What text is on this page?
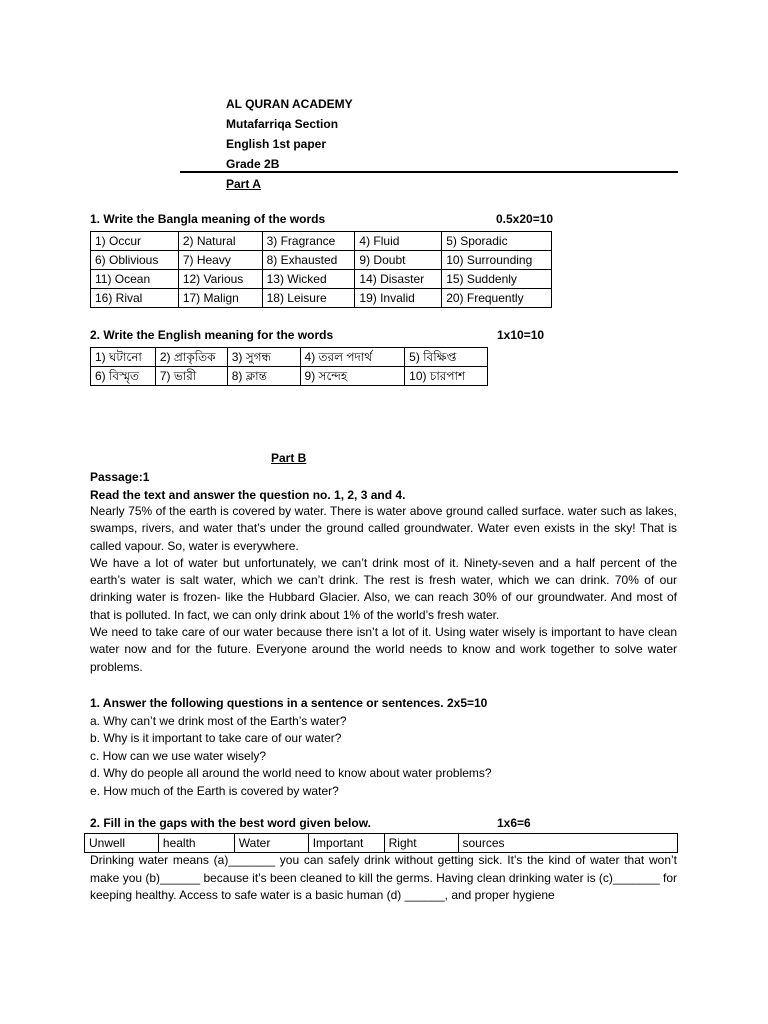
AL QURAN ACADEMY
Mutafarriqa Section
English 1st paper
Grade 2B
Part A
1. Write the Bangla meaning of the words	0.5x20=10
1) Occur	2) Natural	3) Fragrance	4) Fluid	5) Sporadic
6) Oblivious	7) Heavy	8) Exhausted	9) Doubt	10) Surrounding
11) Ocean	12) Various	13) Wicked	14) Disaster	15) Suddenly
16) Rival	17) Malign	18) Leisure	19) Invalid	20) Frequently
2. Write the English meaning for the words	1x10=10
1) ঘটানো	2) প্রাকৃতিক	3) সুগন্ধ	4) তরল পদার্থ	5) বিক্ষিপ্ত
6) বিস্মৃত	7) ভারী	8) ক্লান্ত	9) সন্দেহ	10) চারপাশ
Part B
Passage:1
Read the text and answer the question no. 1, 2, 3 and 4.

Nearly 75% of the earth is covered by water. There is water above ground called surface. water such as lakes, swamps, rivers, and water that’s under the ground called groundwater. Water even exists in the sky! That is called vapour. So, water is everywhere.

We have a lot of water but unfortunately, we can’t drink most of it. Ninety-seven and a half percent of the earth’s water is salt water, which we can’t drink. The rest is fresh water, which we can drink. 70% of our drinking water is frozen- like the Hubbard Glacier. Also, we can reach 30% of our groundwater. And most of that is polluted. In fact, we can only drink about 1% of the world’s fresh water.

We need to take care of our water because there isn’t a lot of it. Using water wisely is important to have clean water now and for the future. Everyone around the world needs to know and work together to solve water problems.

1. Answer the following questions in a sentence or sentences. 2x5=10
a. Why can’t we drink most of the Earth’s water?
b. Why is it important to take care of our water?
c. How can we use water wisely?
d. Why do people all around the world need to know about water problems?
e. How much of the Earth is covered by water?
2. Fill in the gaps with the best word given below.	1x6=6
Unwell	health	Water	Important	Right	sources
Drinking water means (a)_______ you can safely drink without getting sick. It’s the kind of water that won’t make you (b)______ because it’s been cleaned to kill the germs. Having clean drinking water is (c)_______ for keeping healthy. Access to safe water is a basic human (d) ______, and proper hygiene
